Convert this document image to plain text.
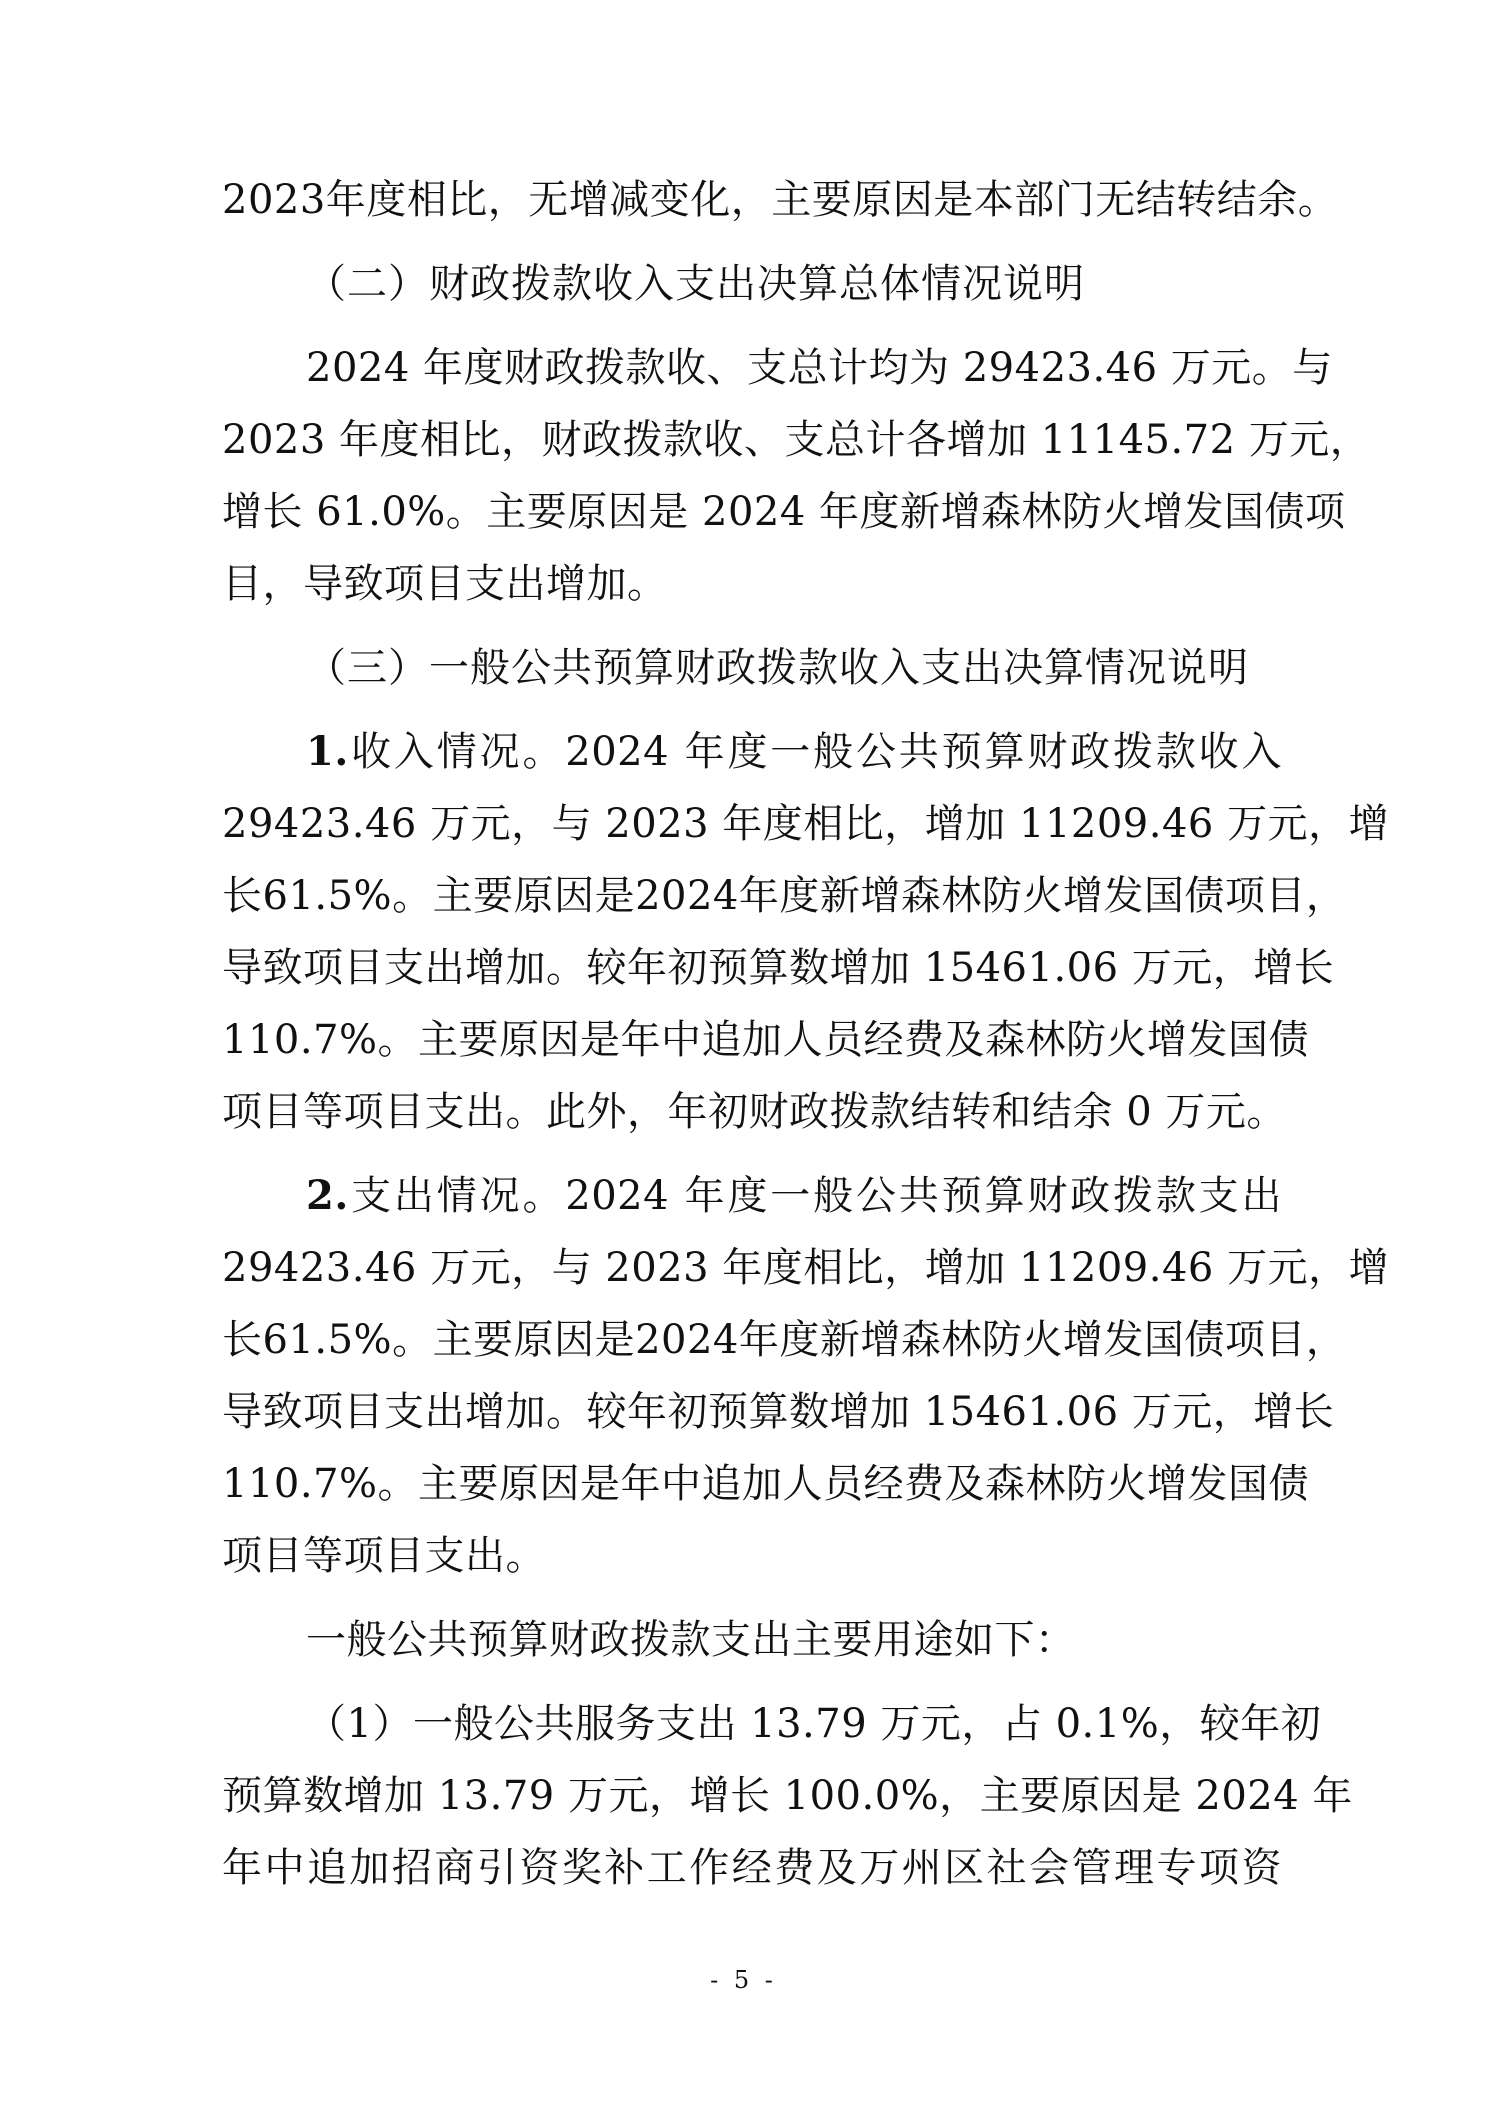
2023年度相比，无增减变化，主要原因是本部门无结转结余。
（二）财政拨款收入支出决算总体情况说明
2024 年度财政拨款收、支总计均为 29423.46 万元。与
2023 年度相比，财政拨款收、支总计各增加 11145.72 万元，
增长 61.0%。主要原因是 2024 年度新增森林防火增发国债项
目，导致项目支出增加。
（三）一般公共预算财政拨款收入支出决算情况说明
1.收入情况。2024 年度一般公共预算财政拨款收入
29423.46 万元，与 2023 年度相比，增加 11209.46 万元，增
长61.5%。主要原因是2024年度新增森林防火增发国债项目，
导致项目支出增加。较年初预算数增加 15461.06 万元，增长
110.7%。主要原因是年中追加人员经费及森林防火增发国债
项目等项目支出。此外，年初财政拨款结转和结余 0 万元。
2.支出情况。2024 年度一般公共预算财政拨款支出
29423.46 万元，与 2023 年度相比，增加 11209.46 万元，增
长61.5%。主要原因是2024年度新增森林防火增发国债项目，
导致项目支出增加。较年初预算数增加 15461.06 万元，增长
110.7%。主要原因是年中追加人员经费及森林防火增发国债
项目等项目支出。
一般公共预算财政拨款支出主要用途如下：
（1）一般公共服务支出 13.79 万元，占 0.1%，较年初
预算数增加 13.79 万元，增长 100.0%，主要原因是 2024 年
年中追加招商引资奖补工作经费及万州区社会管理专项资
- 5 -
